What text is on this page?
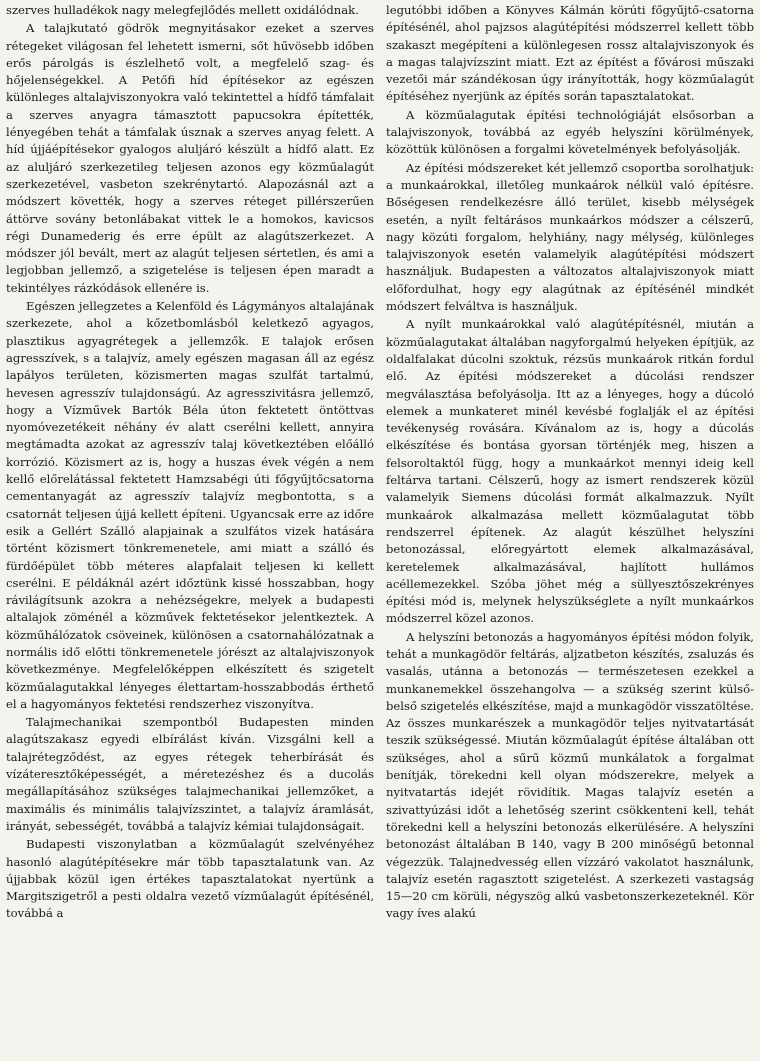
szerves hulladékok nagy melegfejlődés mellett oxidálódnak.

A talajkutató gödrök megnyitásakor ezeket a szerves rétegeket világosan fel lehetett ismerni, sőt hűvösebb időben erős párolgás is észlelhető volt, a megfelelő szag- és hőjelenségekkel. A Petőfi híd építésekor az egészen különleges altalajviszonyokra való tekintettel a hídfő támfalait a szerves anyagra támasztott papucsokra építették, lényegében tehát a támfalak úsznak a szerves anyag felett. A híd újjáépítésekor gyalogos aluljáró készült a hídfő alatt. Ez az aluljáró szerkezetileg teljesen azonos egy közműalagút szerkezetével, vasbeton szekrénytartó. Alapozásnál azt a módszert követték, hogy a szerves réteget pillérszerűen áttörve sovány betonlábakat vittek le a homokos, kavicsos régi Dunamederig és erre épült az alagútszerkezet. A módszer jól bevált, mert az alagút teljesen sértetlen, és ami a legjobban jellemző, a szigetelése is teljesen épen maradt a tekintélyes rázkódások ellenére is.

Egészen jellegzetes a Kelenföld és Lágymányos altalajának szerkezete, ahol a kőzetbomlásból keletkező agyagos, plasztikus agyagrétegek a jellemzők. E talajok erősen agresszívek, s a talajvíz, amely egészen magasan áll az egész lapályos területen, közismerten magas szulfát tartalmú, hevesen agresszív tulajdonságú. Az agresszivitásra jellemző, hogy a Vízművek Bartók Béla úton fektetett öntöttvas nyomóvezetékeit néhány év alatt cserélni kellett, annyira megtámadta azokat az agresszív talaj következtében előálló korrózió. Közismert az is, hogy a huszas évek végén a nem kellő előrelátással fektetett Hamzsabégi úti főgyűjtőcsatorna cementanyagát az agresszív talajvíz megbontotta, s a csatornát teljesen újjá kellett építeni. Ugyancsak erre az időre esik a Gellért Szálló alapjainak a szulfátos vizek hatására történt közismert tönkremenetele, ami miatt a szálló és fürdőépület több méteres alapfalait teljesen ki kellett cserélni. E példáknál azért időztünk kissé hosszabban, hogy rávilágítsunk azokra a nehézségekre, melyek a budapesti altalajok zöménél a közművek fektetésekor jelentkeztek. A közműhálózatok csöveinek, különösen a csatornahálózatnak a normális idő előtti tönkremenetele jórészt az altalajviszonyok következménye. Megfelelőképpen elkészített és szigetelt közműalagutakkal lényeges élettartam-hosszabbodás érthető el a hagyományos fektetési rendszerhez viszonyítva.

Talajmechanikai szempontból Budapesten minden alagútszakasz egyedi elbírálást kíván. Vizsgálni kell a talajrétegződést, az egyes rétegek teherbírását és vízáteresztőképességét, a méretezéshez és a ducolás megállapításához szükséges talajmechanikai jellemzőket, a maximális és minimális talajvízszintet, a talajvíz áramlását, irányát, sebességét, továbbá a talajvíz kémiai tulajdonságait.

Budapesti viszonylatban a közműalagút szelvényéhez hasonló alagútépítésekre már több tapasztalatunk van. Az újjabbak közül igen értékes tapasztalatokat nyertünk a Margitszigetről a pesti oldalra vezető vízműalagút építésénél, továbbá a

legutóbbi időben a Könyves Kálmán körúti főgyűjtő-csatorna építésénél, ahol pajzsos alagútépítési módszerrel kellett több szakaszt megépíteni a különlegesen rossz altalajviszonyok és a magas talajvízszint miatt. Ezt az építést a fővárosi műszaki vezetői már szándékosan úgy irányították, hogy közműalagút építéséhez nyerjünk az építés során tapasztalatokat.

A közműalagutak építési technológiáját elsősorban a talajviszonyok, továbbá az egyéb helyszíni körülmények, közöttük különösen a forgalmi követelmények befolyásolják.

Az építési módszereket két jellemző csoportba sorolhatjuk: a munkaárokkal, illetőleg munkaárok nélkül való építésre. Bőségesen rendelkezésre álló terület, kisebb mélységek esetén, a nyílt feltárásos munkaárkos módszer a célszerű, nagy közúti forgalom, helyhiány, nagy mélység, különleges talajviszonyok esetén valamelyik alagútépítési módszert használjuk. Budapesten a változatos altalajviszonyok miatt előfordulhat, hogy egy alagútnak az építésénél mindkét módszert felváltva is használjuk.

A nyílt munkaárokkal való alagútépítésnél, miután a közműalagutakat általában nagyforgalmú helyeken építjük, az oldalfalakat dúcolni szoktuk, rézsűs munkaárok ritkán fordul elő. Az építési módszereket a dúcolási rendszer megválasztása befolyásolja. Itt az a lényeges, hogy a dúcoló elemek a munkateret minél kevésbé foglalják el az építési tevékenység rovására. Kívánalom az is, hogy a dúcolás elkészítése és bontása gyorsan történjék meg, hiszen a felsoroltaktól függ, hogy a munkaárkot mennyi ideig kell feltárva tartani. Célszerű, hogy az ismert rendszerek közül valamelyik Siemens dúcolási formát alkalmazzuk. Nyílt munkaárok alkalmazása mellett közműalagutat több rendszerrel építenek. Az alagút készülhet helyszíni betonozással, előregyártott elemek alkalmazásával, keretelemek alkalmazásával, hajlított hullámos acéllemezekkel. Szóba jöhet még a süllyesztőszekrényes építési mód is, melynek helyszükséglete a nyílt munkaárkos módszerrel közel azonos.

A helyszíni betonozás a hagyományos építési módon folyik, tehát a munkagödör feltárás, aljzatbeton készítés, zsaluzás és vasalás, utánna a betonozás — természetesen ezekkel a munkanemekkel összehangolva — a szükség szerint külső-belső szigetelés elkészítése, majd a munkagödör visszatöltése. Az összes munkarészek a munkagödör teljes nyitvatartását teszik szükségessé. Miután közműalagút építése általában ott szükséges, ahol a sűrű közmű munkálatok a forgalmat benítják, törekedni kell olyan módszerekre, melyek a nyitvatartás idejét rövidítik. Magas talajvíz esetén a szivattyúzási időt a lehetőség szerint csökkenteni kell, tehát törekedni kell a helyszíni betonozás elkerülésére. A helyszíni betonozást általában B 140, vagy B 200 minőségű betonnal végezzük. Talajnedvesség ellen vízzáró vakolatot használunk, talajvíz esetén ragasztott szigetelést. A szerkezeti vastagság 15—20 cm körüli, négyszög alkú vasbetonszerkezeteknél. Kör vagy íves alakú
